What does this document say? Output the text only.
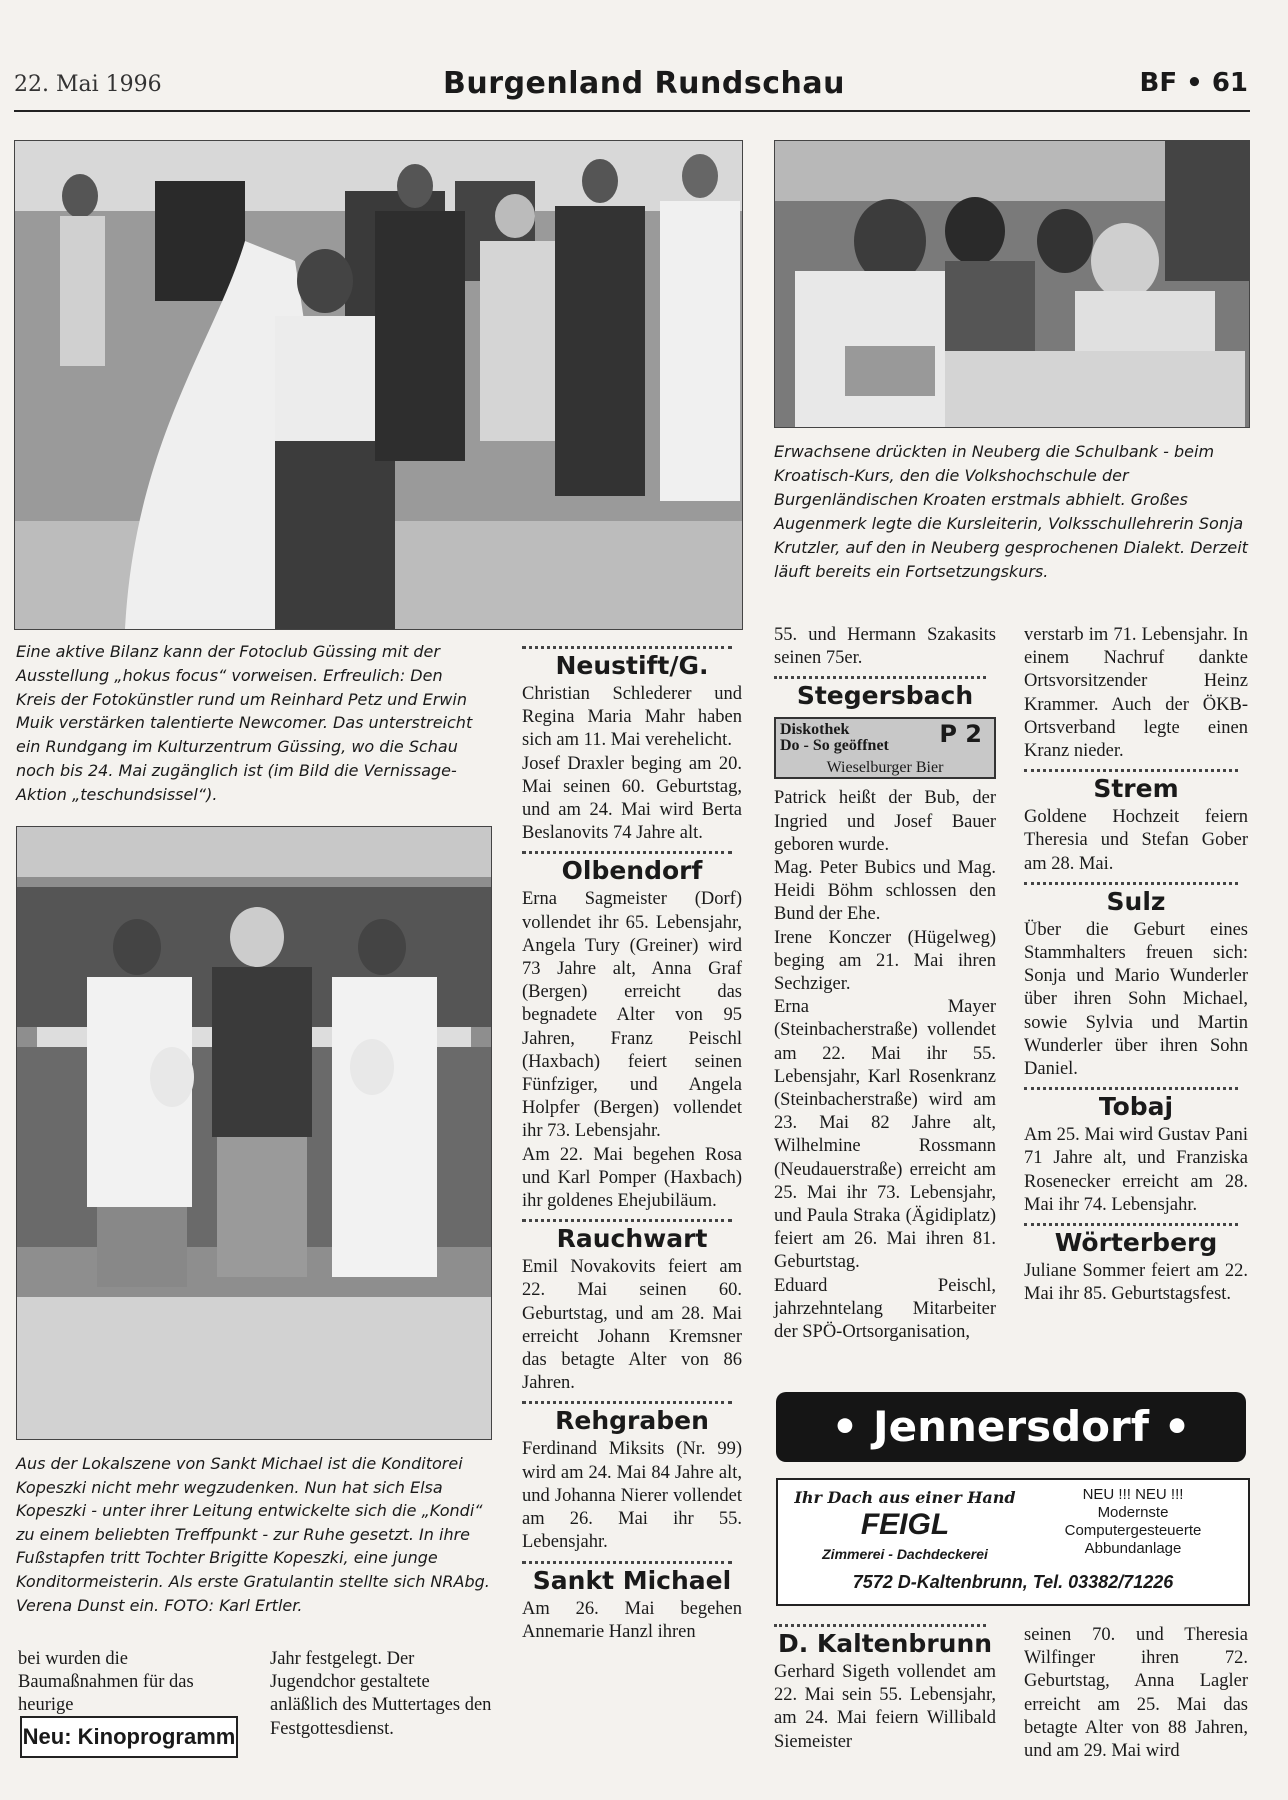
22. Mai 1996	Burgenland Rundschau	BF • 61
Erwachsene drückten in Neuberg die Schulbank - beim Kroatisch-Kurs, den die Volkshochschule der Burgenländischen Kroaten erstmals abhielt. Großes Augenmerk legte die Kursleiterin, Volksschullehrerin Sonja Krutzler, auf den in Neuberg gesprochenen Dialekt. Derzeit läuft bereits ein Fortsetzungskurs.
Eine aktive Bilanz kann der Fotoclub Güssing mit der Ausstellung „hokus focus“ vorweisen. Erfreulich: Den Kreis der Fotokünstler rund um Reinhard Petz und Erwin Muik verstärken talentierte Newcomer. Das unterstreicht ein Rundgang im Kulturzentrum Güssing, wo die Schau noch bis 24. Mai zugänglich ist (im Bild die Vernissage-Aktion „teschundsissel“).
Aus der Lokalszene von Sankt Michael ist die Konditorei Kopeszki nicht mehr wegzudenken. Nun hat sich Elsa Kopeszki - unter ihrer Leitung entwickelte sich die „Kondi“ zu einem beliebten Treffpunkt - zur Ruhe gesetzt. In ihre Fußstapfen tritt Tochter Brigitte Kopeszki, eine junge Konditormeisterin. Als erste Gratulantin stellte sich NRAbg. Verena Dunst ein. FOTO: Karl Ertler.
bei wurden die Baumaßnahmen für das heurige
Jahr festgelegt. Der Jugendchor gestaltete anläßlich des Muttertages den Festgottesdienst.
Neu: Kinoprogramm
Neustift/G.

Christian Schlederer und Regina Maria Mahr haben sich am 11. Mai verehelicht.

Josef Draxler beging am 20. Mai seinen 60. Geburtstag, und am 24. Mai wird Berta Beslanovits 74 Jahre alt.

Olbendorf

Erna Sagmeister (Dorf) vollendet ihr 65. Lebensjahr, Angela Tury (Greiner) wird 73 Jahre alt, Anna Graf (Bergen) erreicht das begnadete Alter von 95 Jahren, Franz Peischl (Haxbach) feiert seinen Fünfziger, und Angela Holpfer (Bergen) vollendet ihr 73. Lebensjahr.

Am 22. Mai begehen Rosa und Karl Pomper (Haxbach) ihr goldenes Ehejubiläum.

Rauchwart

Emil Novakovits feiert am 22. Mai seinen 60. Geburtstag, und am 28. Mai erreicht Johann Kremsner das betagte Alter von 86 Jahren.

Rehgraben

Ferdinand Miksits (Nr. 99) wird am 24. Mai 84 Jahre alt, und Johanna Nierer vollendet am 26. Mai ihr 55. Lebensjahr.

Sankt Michael

Am 26. Mai begehen Annemarie Hanzl ihren

55. und Hermann Szakasits seinen 75er.

Stegersbach
Diskothek
Do - So geöffnet P 2
Wieselburger Bier

Patrick heißt der Bub, der Ingried und Josef Bauer geboren wurde.

Mag. Peter Bubics und Mag. Heidi Böhm schlossen den Bund der Ehe.

Irene Konczer (Hügelweg) beging am 21. Mai ihren Sechziger.

Erna Mayer (Steinbacherstraße) vollendet am 22. Mai ihr 55. Lebensjahr, Karl Rosenkranz (Steinbacherstraße) wird am 23. Mai 82 Jahre alt, Wilhelmine Rossmann (Neudauerstraße) erreicht am 25. Mai ihr 73. Lebensjahr, und Paula Straka (Ägidiplatz) feiert am 26. Mai ihren 81. Geburtstag.

Eduard Peischl, jahrzehntelang Mitarbeiter der SPÖ-Ortsorganisation,

verstarb im 71. Lebensjahr. In einem Nachruf dankte Ortsvorsitzender Heinz Krammer. Auch der ÖKB-Ortsverband legte einen Kranz nieder.

Strem

Goldene Hochzeit feiern Theresia und Stefan Gober am 28. Mai.

Sulz

Über die Geburt eines Stammhalters freuen sich: Sonja und Mario Wunderler über ihren Sohn Michael, sowie Sylvia und Martin Wunderler über ihren Sohn Daniel.

Tobaj

Am 25. Mai wird Gustav Pani 71 Jahre alt, und Franziska Rosenecker erreicht am 28. Mai ihr 74. Lebensjahr.

Wörterberg

Juliane Sommer feiert am 22. Mai ihr 85. Geburtstagsfest.

• Jennersdorf •
Ihr Dach aus einer Hand
FEIGL
Zimmerei - Dachdeckerei
NEU !!! NEU !!!
Modernste
Computergesteuerte
Abbundanlage
7572 D-Kaltenbrunn, Tel. 03382/71226
D. Kaltenbrunn

Gerhard Sigeth vollendet am 22. Mai sein 55. Lebensjahr, am 24. Mai feiern Willibald Siemeister

seinen 70. und Theresia Wilfinger ihren 72. Geburtstag, Anna Lagler erreicht am 25. Mai das betagte Alter von 88 Jahren, und am 29. Mai wird
